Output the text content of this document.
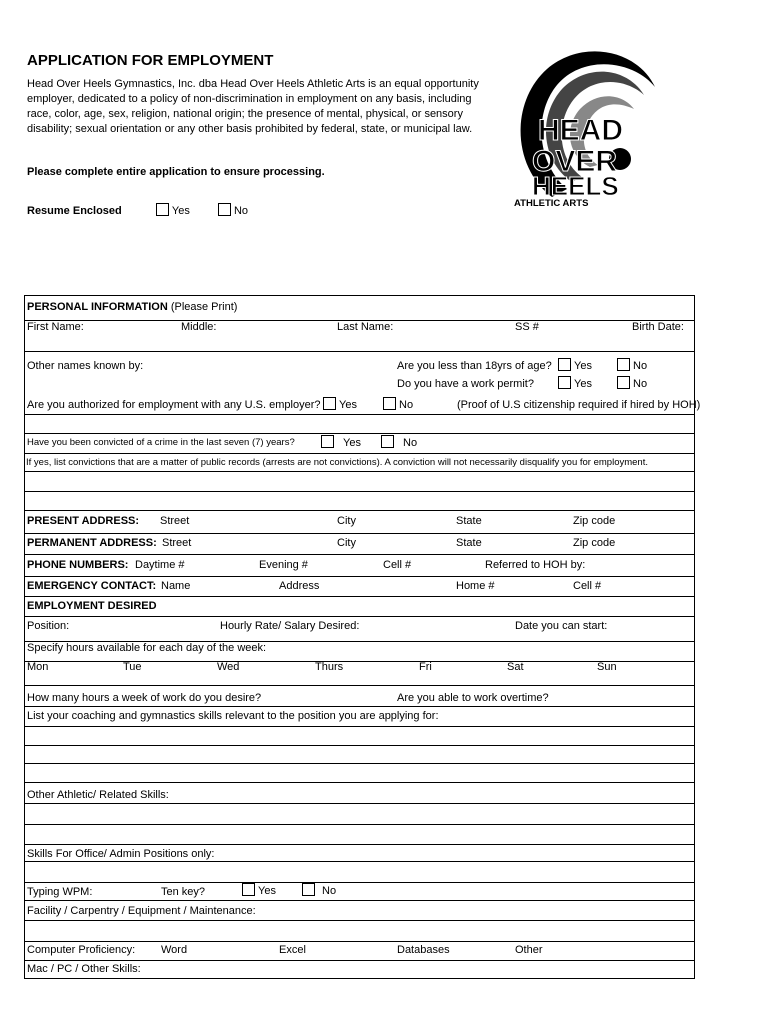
APPLICATION FOR EMPLOYMENT
Head Over Heels Gymnastics, Inc. dba Head Over Heels Athletic Arts is an equal opportunity employer, dedicated to a policy of non-discrimination in employment on any basis, including race, color, age, sex, religion, national origin; the presence of mental, physical, or sensory disability; sexual orientation or any other basis prohibited by federal, state, or municipal law.
Please complete entire application to ensure processing.
Resume Enclosed	Yes	No
HEAD
OVER
HEELS
ATHLETIC ARTS
PERSONAL INFORMATION (Please Print)
First Name:	Middle:	Last Name:	SS #	Birth Date:
Other names known by:	Are you less than 18yrs of age?	Yes	No
Do you have a work permit?	Yes	No
Are you authorized for employment with any U.S. employer?	Yes	No	(Proof of U.S citizenship required if hired by HOH)
Have you been convicted of a crime in the last seven (7) years?	Yes	No
If yes, list convictions that are a matter of public records (arrests are not convictions). A conviction will not necessarily disqualify you for employment.
PRESENT ADDRESS: Street	City	State	Zip code
PERMANENT ADDRESS: Street	City	State	Zip code
PHONE NUMBERS: Daytime #	Evening #	Cell #	Referred to HOH by:
EMERGENCY CONTACT: Name	Address	Home #	Cell #
EMPLOYMENT DESIRED
Position:	Hourly Rate/ Salary Desired:	Date you can start:
Specify hours available for each day of the week:
Mon	Tue	Wed	Thurs	Fri	Sat	Sun
How many hours a week of work do you desire?	Are you able to work overtime?
List your coaching and gymnastics skills relevant to the position you are applying for:
Other Athletic/ Related Skills:
Skills For Office/ Admin Positions only:
Typing WPM:	Ten key?	Yes	No
Facility / Carpentry / Equipment / Maintenance:
Computer Proficiency: Word	Excel	Databases	Other
Mac / PC / Other Skills:
